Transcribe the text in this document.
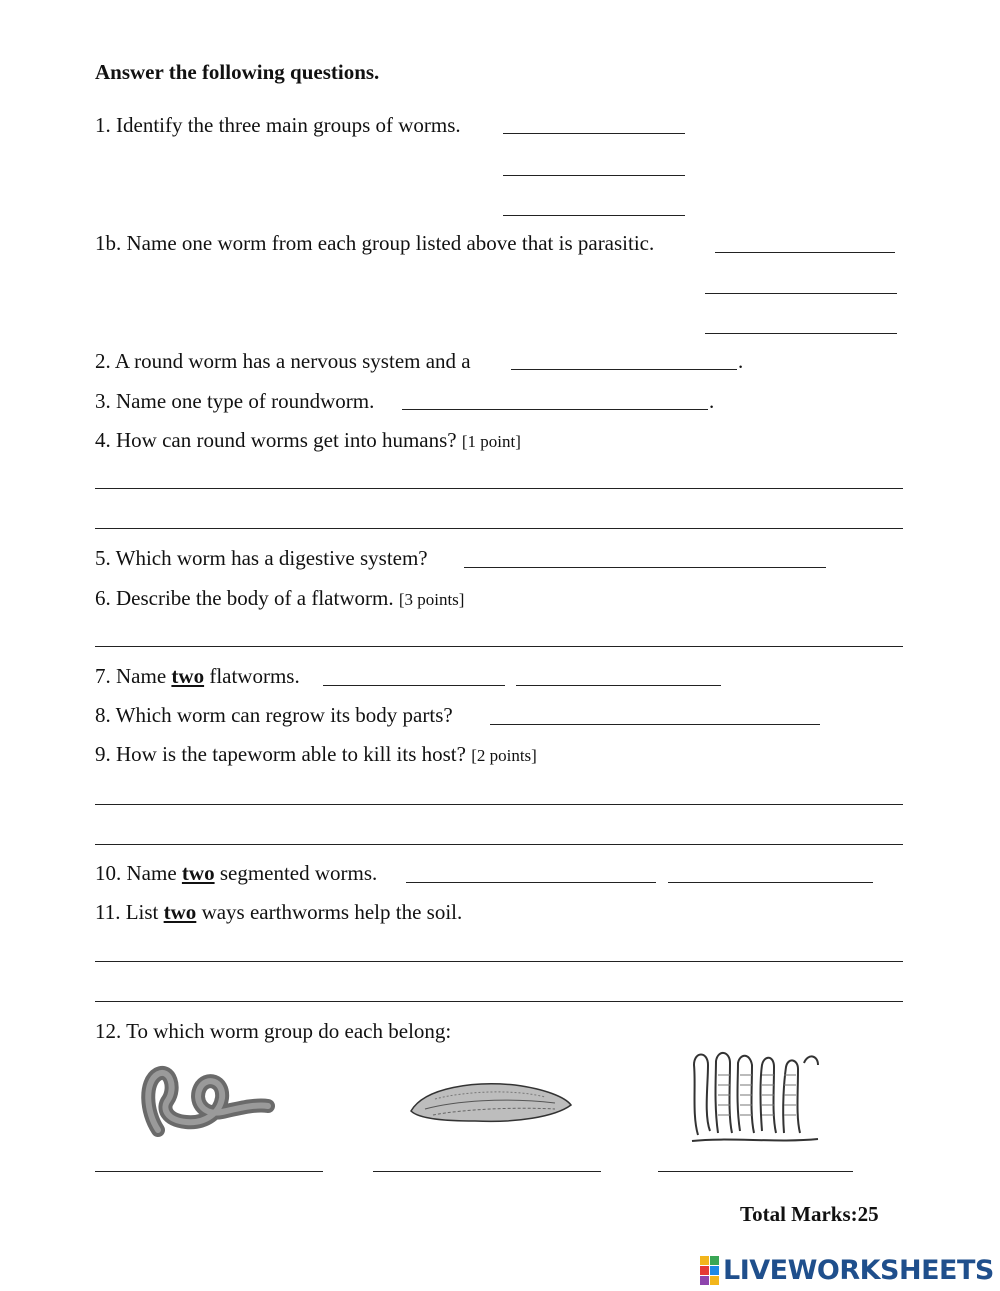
Answer the following questions.
1. Identify the three main groups of worms.
1b. Name one worm from each group listed above that is parasitic.
2. A round worm has a nervous system and a	.
3. Name one type of roundworm.	.
4. How can round worms get into humans? [1 point]
5. Which worm has a digestive system?
6. Describe the body of a flatworm. [3 points]
7. Name two flatworms.
8. Which worm can regrow its body parts?
9. How is the tapeworm able to kill its host? [2 points]
10. Name two segmented worms.
11. List two ways earthworms help the soil.
12. To which worm group do each belong:
Total Marks:25
LIVEWORKSHEETS
